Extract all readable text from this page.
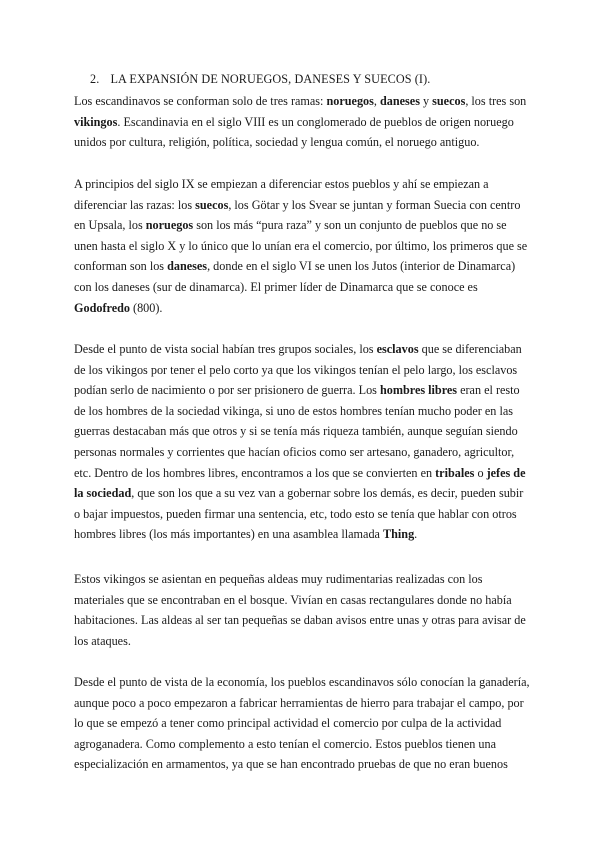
2. LA EXPANSIÓN DE NORUEGOS, DANESES Y SUECOS (I).
Los escandinavos se conforman solo de tres ramas: noruegos, daneses y suecos, los tres son
vikingos. Escandinavia en el siglo VIII es un conglomerado de pueblos de origen noruego
unidos por cultura, religión, política, sociedad y lengua común, el noruego antiguo.
A principios del siglo IX se empiezan a diferenciar estos pueblos y ahí se empiezan a
diferenciar las razas: los suecos, los Götar y los Svear se juntan y forman Suecia con centro
en Upsala, los noruegos son los más “pura raza” y son un conjunto de pueblos que no se
unen hasta el siglo X y lo único que lo unían era el comercio, por último, los primeros que se
conforman son los daneses, donde en el siglo VI se unen los Jutos (interior de Dinamarca)
con los daneses (sur de dinamarca). El primer líder de Dinamarca que se conoce es
Godofredo (800).
Desde el punto de vista social habían tres grupos sociales, los esclavos que se diferenciaban
de los vikingos por tener el pelo corto ya que los vikingos tenían el pelo largo, los esclavos
podían serlo de nacimiento o por ser prisionero de guerra. Los hombres libres eran el resto
de los hombres de la sociedad vikinga, si uno de estos hombres tenían mucho poder en las
guerras destacaban más que otros y si se tenía más riqueza también, aunque seguían siendo
personas normales y corrientes que hacían oficios como ser artesano, ganadero, agricultor,
etc. Dentro de los hombres libres, encontramos a los que se convierten en tribales o jefes de
la sociedad, que son los que a su vez van a gobernar sobre los demás, es decir, pueden subir
o bajar impuestos, pueden firmar una sentencia, etc, todo esto se tenía que hablar con otros
hombres libres (los más importantes) en una asamblea llamada Thing.
Estos vikingos se asientan en pequeñas aldeas muy rudimentarias realizadas con los
materiales que se encontraban en el bosque. Vivían en casas rectangulares donde no había
habitaciones. Las aldeas al ser tan pequeñas se daban avisos entre unas y otras para avisar de
los ataques.
Desde el punto de vista de la economía, los pueblos escandinavos sólo conocían la ganadería,
aunque poco a poco empezaron a fabricar herramientas de hierro para trabajar el campo, por
lo que se empezó a tener como principal actividad el comercio por culpa de la actividad
agroganadera. Como complemento a esto tenían el comercio. Estos pueblos tienen una
especialización en armamentos, ya que se han encontrado pruebas de que no eran buenos
